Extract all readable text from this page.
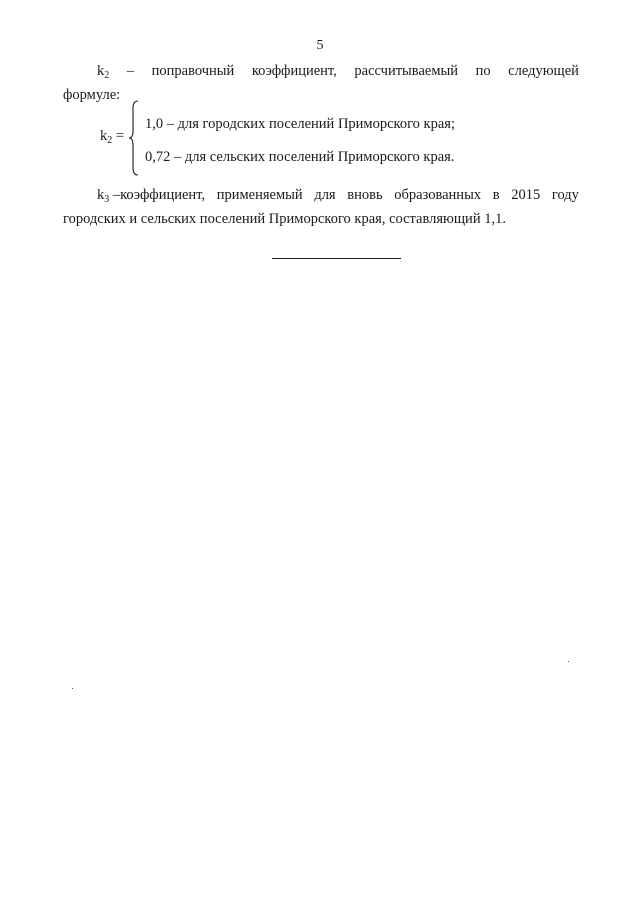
5
$k_2$ – поправочный коэффициент, рассчитываемый по следующей
формуле:
$k_2$ =
1,0 – для городских поселений Приморского края;
0,72 – для сельских поселений Приморского края.
$k_3$ –коэффициент, применяемый для вновь образованных в 2015 году
городских и сельских поселений Приморского края, составляющий 1,1.
